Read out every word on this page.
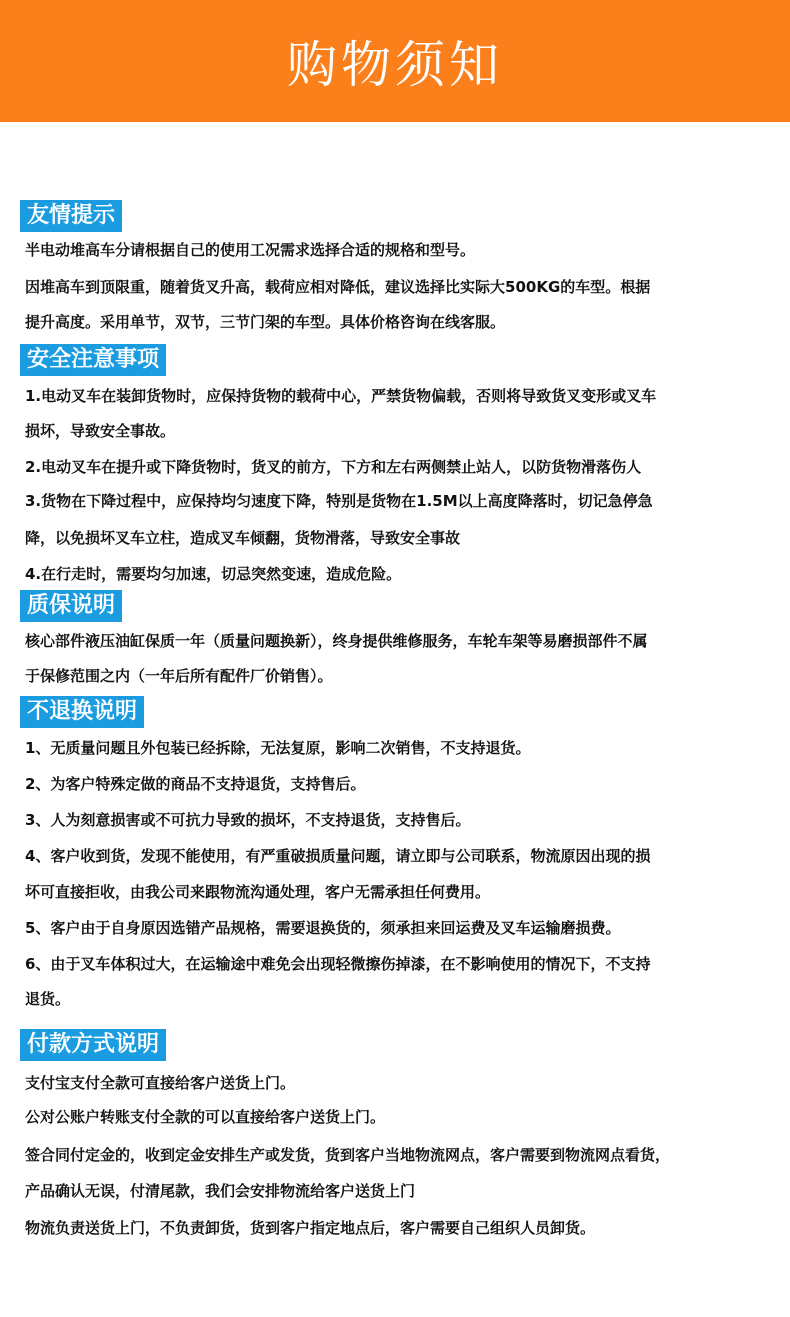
购物须知
友情提示
半电动堆高车分请根据自己的使用工况需求选择合适的规格和型号。
因堆高车到顶限重，随着货叉升高，载荷应相对降低，建议选择比实际大500KG的车型。根据
提升高度。采用单节，双节，三节门架的车型。具体价格咨询在线客服。
安全注意事项
1.电动叉车在装卸货物时，应保持货物的载荷中心，严禁货物偏载，否则将导致货叉变形或叉车
损坏，导致安全事故。
2.电动叉车在提升或下降货物时，货叉的前方，下方和左右两侧禁止站人，以防货物滑落伤人
3.货物在下降过程中，应保持均匀速度下降，特别是货物在1.5M以上高度降落时，切记急停急
降，以免损坏叉车立柱，造成叉车倾翻，货物滑落，导致安全事故
4.在行走时，需要均匀加速，切忌突然变速，造成危险。
质保说明
核心部件液压油缸保质一年（质量问题换新），终身提供维修服务，车轮车架等易磨损部件不属
于保修范围之内（一年后所有配件厂价销售）。
不退换说明
1、无质量问题且外包装已经拆除，无法复原，影响二次销售，不支持退货。
2、为客户特殊定做的商品不支持退货，支持售后。
3、人为刻意损害或不可抗力导致的损坏，不支持退货，支持售后。
4、客户收到货，发现不能使用，有严重破损质量问题，请立即与公司联系，物流原因出现的损
坏可直接拒收，由我公司来跟物流沟通处理，客户无需承担任何费用。
5、客户由于自身原因选错产品规格，需要退换货的，须承担来回运费及叉车运输磨损费。
6、由于叉车体积过大，在运输途中难免会出现轻微擦伤掉漆，在不影响使用的情况下，不支持
退货。
付款方式说明
支付宝支付全款可直接给客户送货上门。
公对公账户转账支付全款的可以直接给客户送货上门。
签合同付定金的，收到定金安排生产或发货，货到客户当地物流网点，客户需要到物流网点看货，
产品确认无误，付清尾款，我们会安排物流给客户送货上门
物流负责送货上门，不负责卸货，货到客户指定地点后，客户需要自己组织人员卸货。
